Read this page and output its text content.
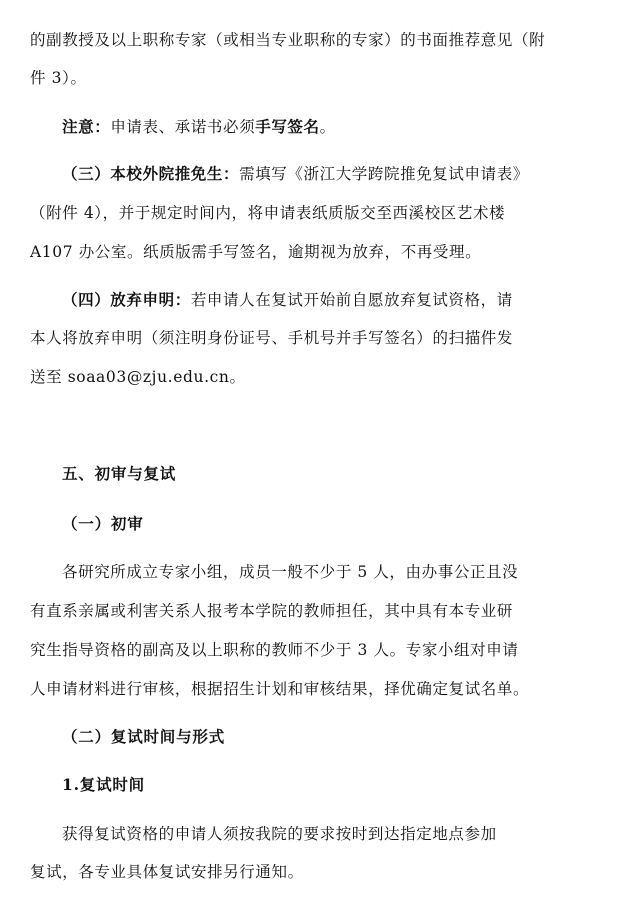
的副教授及以上职称专家（或相当专业职称的专家）的书面推荐意见（附
件 3）。
注意：申请表、承诺书必须手写签名。
（三）本校外院推免生：需填写《浙江大学跨院推免复试申请表》
（附件 4），并于规定时间内，将申请表纸质版交至西溪校区艺术楼
A107 办公室。纸质版需手写签名，逾期视为放弃，不再受理。
（四）放弃申明：若申请人在复试开始前自愿放弃复试资格，请
本人将放弃申明（须注明身份证号、手机号并手写签名）的扫描件发
送至 soaa03@zju.edu.cn。
五、初审与复试
（一）初审
各研究所成立专家小组，成员一般不少于 5 人，由办事公正且没
有直系亲属或利害关系人报考本学院的教师担任，其中具有本专业研
究生指导资格的副高及以上职称的教师不少于 3 人。专家小组对申请
人申请材料进行审核，根据招生计划和审核结果，择优确定复试名单。
（二）复试时间与形式
1.复试时间
获得复试资格的申请人须按我院的要求按时到达指定地点参加
复试，各专业具体复试安排另行通知。
